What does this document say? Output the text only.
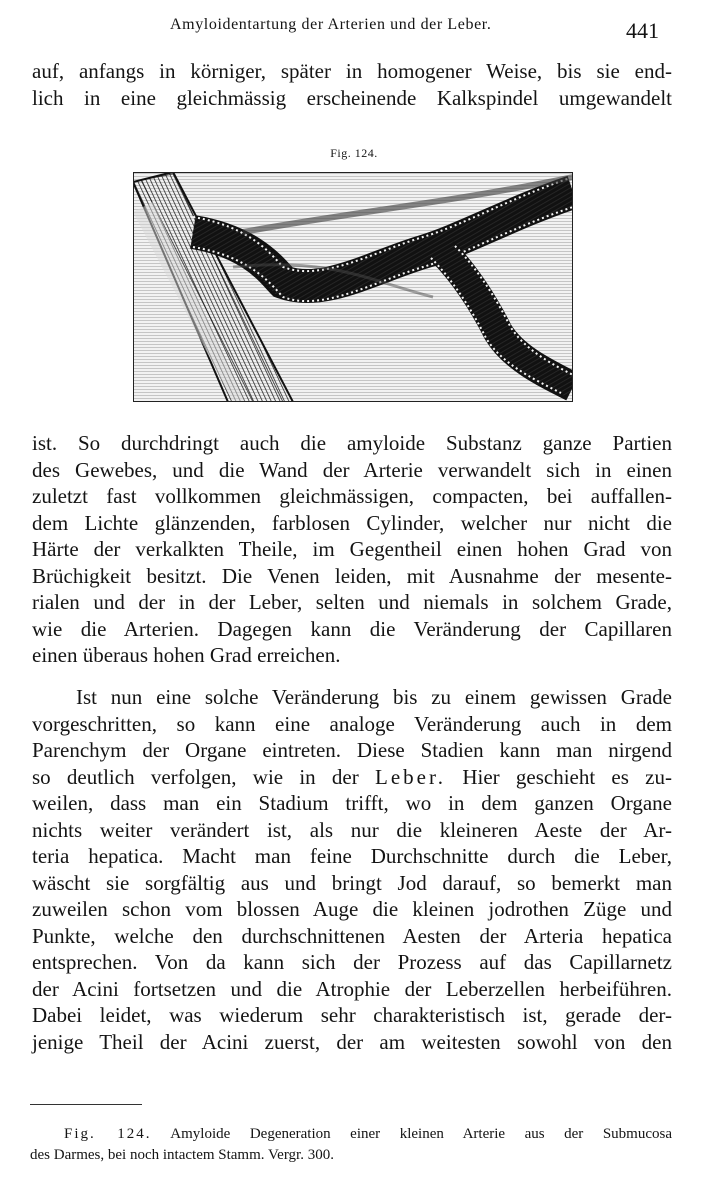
Amyloidentartung der Arterien und der Leber.	441
auf, anfangs in körniger, später in homogener Weise, bis sie end-
lich in eine gleichmässig erscheinende Kalkspindel umgewandelt
Fig. 124.
ist. So durchdringt auch die amyloide Substanz ganze Partien
des Gewebes, und die Wand der Arterie verwandelt sich in einen
zuletzt fast vollkommen gleichmässigen, compacten, bei auffallen-
dem Lichte glänzenden, farblosen Cylinder, welcher nur nicht die
Härte der verkalkten Theile, im Gegentheil einen hohen Grad von
Brüchigkeit besitzt. Die Venen leiden, mit Ausnahme der mesente-
rialen und der in der Leber, selten und niemals in solchem Grade,
wie die Arterien. Dagegen kann die Veränderung der Capillaren
einen überaus hohen Grad erreichen.
Ist nun eine solche Veränderung bis zu einem gewissen Grade
vorgeschritten, so kann eine analoge Veränderung auch in dem
Parenchym der Organe eintreten. Diese Stadien kann man nirgend
so deutlich verfolgen, wie in der Leber. Hier geschieht es zu-
weilen, dass man ein Stadium trifft, wo in dem ganzen Organe
nichts weiter verändert ist, als nur die kleineren Aeste der Ar-
teria hepatica. Macht man feine Durchschnitte durch die Leber,
wäscht sie sorgfältig aus und bringt Jod darauf, so bemerkt man
zuweilen schon vom blossen Auge die kleinen jodrothen Züge und
Punkte, welche den durchschnittenen Aesten der Arteria hepatica
entsprechen. Von da kann sich der Prozess auf das Capillarnetz
der Acini fortsetzen und die Atrophie der Leberzellen herbeiführen.
Dabei leidet, was wiederum sehr charakteristisch ist, gerade der-
jenige Theil der Acini zuerst, der am weitesten sowohl von den
Fig. 124. Amyloide Degeneration einer kleinen Arterie aus der Submucosa
des Darmes, bei noch intactem Stamm. Vergr. 300.
